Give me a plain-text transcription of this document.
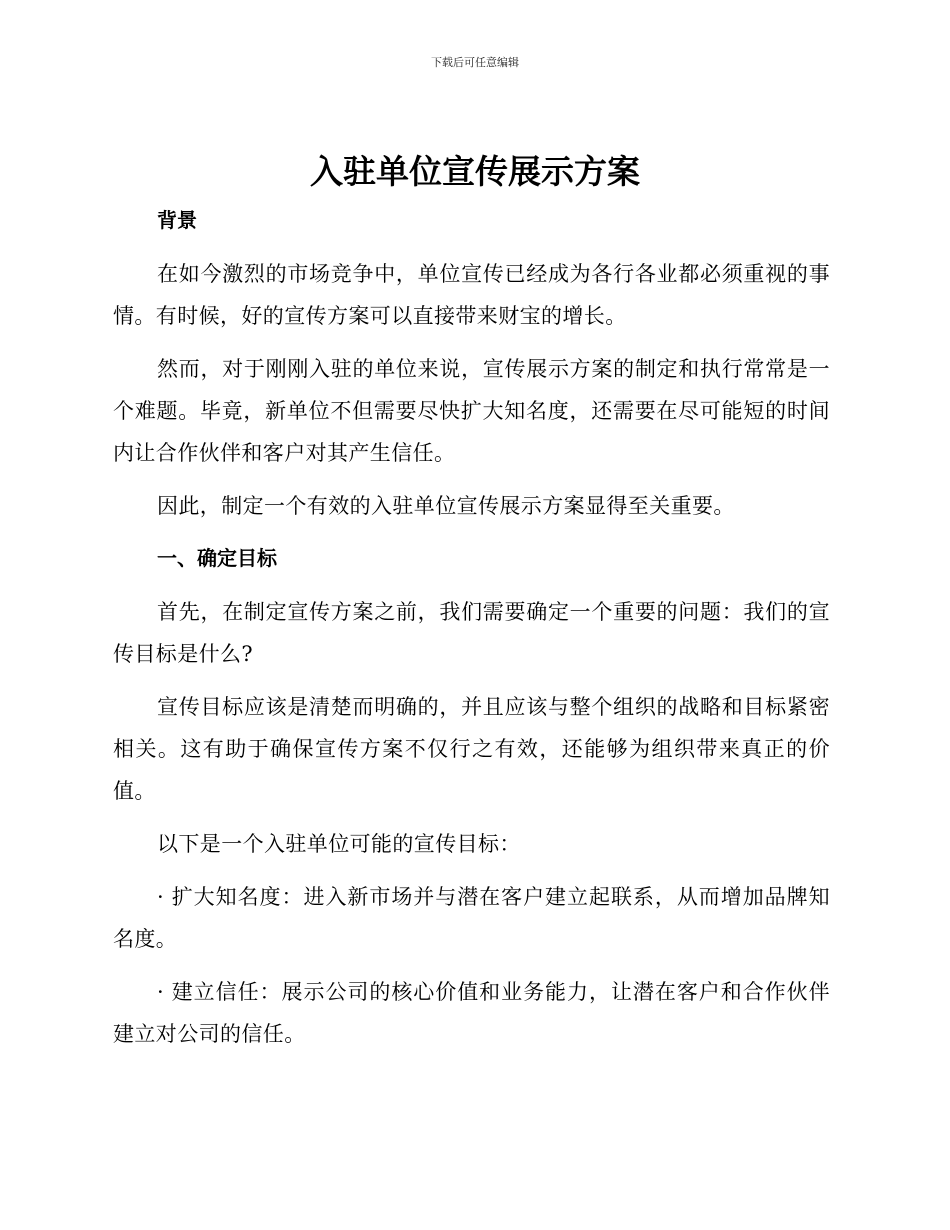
下载后可任意编辑
入驻单位宣传展示方案
背景

在如今激烈的市场竞争中，单位宣传已经成为各行各业都必须重视的事情。有时候，好的宣传方案可以直接带来财宝的增长。

然而，对于刚刚入驻的单位来说，宣传展示方案的制定和执行常常是一个难题。毕竟，新单位不但需要尽快扩大知名度，还需要在尽可能短的时间内让合作伙伴和客户对其产生信任。

因此，制定一个有效的入驻单位宣传展示方案显得至关重要。

一、确定目标

首先，在制定宣传方案之前，我们需要确定一个重要的问题：我们的宣传目标是什么?

宣传目标应该是清楚而明确的，并且应该与整个组织的战略和目标紧密相关。这有助于确保宣传方案不仅行之有效，还能够为组织带来真正的价值。

以下是一个入驻单位可能的宣传目标：

· 扩大知名度：进入新市场并与潜在客户建立起联系，从而增加品牌知名度。

· 建立信任：展示公司的核心价值和业务能力，让潜在客户和合作伙伴建立对公司的信任。
